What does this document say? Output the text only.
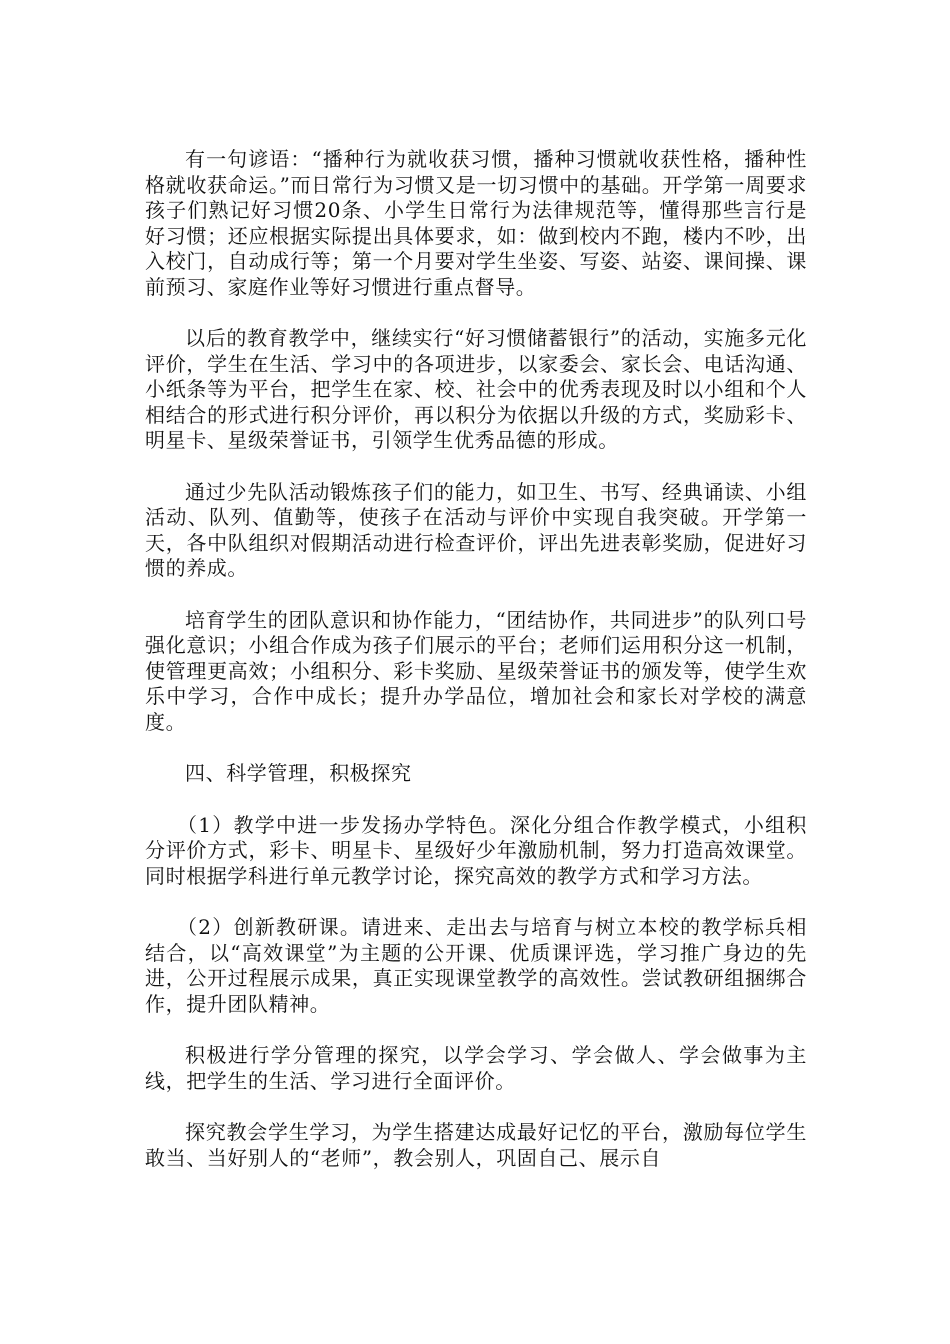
有一句谚语：“播种行为就收获习惯，播种习惯就收获性格，播种性格就收获命运。”而日常行为习惯又是一切习惯中的基础。开学第一周要求孩子们熟记好习惯20条、小学生日常行为法律规范等，懂得那些言行是好习惯；还应根据实际提出具体要求，如：做到校内不跑，楼内不吵，出入校门，自动成行等；第一个月要对学生坐姿、写姿、站姿、课间操、课前预习、家庭作业等好习惯进行重点督导。

以后的教育教学中，继续实行“好习惯储蓄银行”的活动，实施多元化评价，学生在生活、学习中的各项进步，以家委会、家长会、电话沟通、小纸条等为平台，把学生在家、校、社会中的优秀表现及时以小组和个人相结合的形式进行积分评价，再以积分为依据以升级的方式，奖励彩卡、明星卡、星级荣誉证书，引领学生优秀品德的形成。

通过少先队活动锻炼孩子们的能力，如卫生、书写、经典诵读、小组活动、队列、值勤等，使孩子在活动与评价中实现自我突破。开学第一天，各中队组织对假期活动进行检查评价，评出先进表彰奖励，促进好习惯的养成。

培育学生的团队意识和协作能力，“团结协作，共同进步”的队列口号强化意识；小组合作成为孩子们展示的平台；老师们运用积分这一机制，使管理更高效；小组积分、彩卡奖励、星级荣誉证书的颁发等，使学生欢乐中学习，合作中成长；提升办学品位，增加社会和家长对学校的满意度。

四、科学管理，积极探究

（1）教学中进一步发扬办学特色。深化分组合作教学模式，小组积分评价方式，彩卡、明星卡、星级好少年激励机制，努力打造高效课堂。同时根据学科进行单元教学讨论，探究高效的教学方式和学习方法。

（2）创新教研课。请进来、走出去与培育与树立本校的教学标兵相结合，以“高效课堂”为主题的公开课、优质课评选，学习推广身边的先进，公开过程展示成果，真正实现课堂教学的高效性。尝试教研组捆绑合作，提升团队精神。

积极进行学分管理的探究，以学会学习、学会做人、学会做事为主线，把学生的生活、学习进行全面评价。

探究教会学生学习，为学生搭建达成最好记忆的平台，激励每位学生敢当、当好别人的“老师”，教会别人，巩固自己、展示自
